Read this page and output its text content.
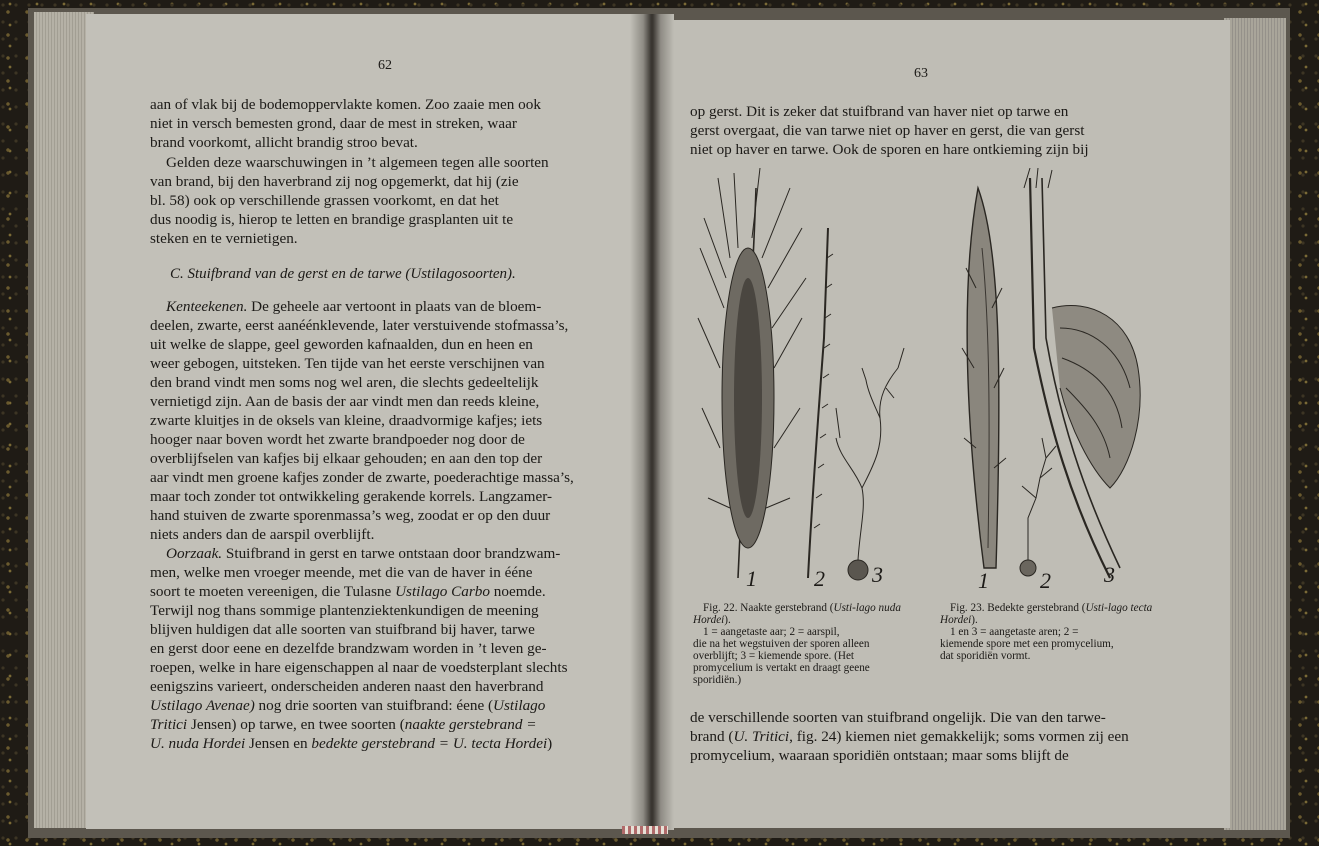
62

aan of vlak bij de bodemoppervlakte komen. Zoo zaaie men ook

niet in versch bemesten grond, daar de mest in streken, waar

brand voorkomt, allicht brandig stroo bevat.

Gelden deze waarschuwingen in ’t algemeen tegen alle soorten

van brand, bij den haverbrand zij nog opgemerkt, dat hij (zie

bl. 58) ook op verschillende grassen voorkomt, en dat het

dus noodig is, hierop te letten en brandige grasplanten uit te

steken en te vernietigen.

C. Stuifbrand van de gerst en de tarwe (Ustilagosoorten).

Kenteekenen. De geheele aar vertoont in plaats van de bloem-

deelen, zwarte, eerst aanéénklevende, later verstuivende stofmassa’s,

uit welke de slappe, geel geworden kafnaalden, dun en heen en

weer gebogen, uitsteken. Ten tijde van het eerste verschijnen van

den brand vindt men soms nog wel aren, die slechts gedeeltelijk

vernietigd zijn. Aan de basis der aar vindt men dan reeds kleine,

zwarte kluitjes in de oksels van kleine, draadvormige kafjes; iets

hooger naar boven wordt het zwarte brandpoeder nog door de

overblijfselen van kafjes bij elkaar gehouden; en aan den top der

aar vindt men groene kafjes zonder de zwarte, poederachtige massa’s,

maar toch zonder tot ontwikkeling gerakende korrels. Langzamer-

hand stuiven de zwarte sporenmassa’s weg, zoodat er op den duur

niets anders dan de aarspil overblijft.

Oorzaak. Stuifbrand in gerst en tarwe ontstaan door brandzwam-

men, welke men vroeger meende, met die van de haver in ééne

soort te moeten vereenigen, die Tulasne Ustilago Carbo noemde.

Terwijl nog thans sommige plantenziektenkundigen de meening

blijven huldigen dat alle soorten van stuifbrand bij haver, tarwe

en gerst door eene en dezelfde brandzwam worden in ’t leven ge-

roepen, welke in hare eigenschappen al naar de voedsterplant slechts

eenigszins varieert, onderscheiden anderen naast den haverbrand

Ustilago Avenae) nog drie soorten van stuifbrand: éene (Ustilago

Tritici Jensen) op tarwe, en twee soorten (naakte gerstebrand =

U. nuda Hordei Jensen en bedekte gerstebrand = U. tecta Hordei)

63

op gerst. Dit is zeker dat stuifbrand van haver niet op tarwe en

gerst overgaat, die van tarwe niet op haver en gerst, die van gerst

niet op haver en tarwe. Ook de sporen en hare ontkieming zijn bij

1	2 3	1 2 3

Fig. 22. Naakte gerstebrand (Usti-lago nuda Hordei).

1 = aangetaste aar; 2 = aarspil,

die na het wegstuiven der sporen alleen

overblijft; 3 = kiemende spore. (Het

promycelium is vertakt en draagt geene

sporidiën.)

Fig. 23. Bedekte gerstebrand (Usti-lago tecta Hordei).

1 en 3 = aangetaste aren; 2 =

kiemende spore met een promycelium,

dat sporidiën vormt.

de verschillende soorten van stuifbrand ongelijk. Die van den tarwe-

brand (U. Tritici, fig. 24) kiemen niet gemakkelijk; soms vormen zij een

promycelium, waaraan sporidiën ontstaan; maar soms blijft de
